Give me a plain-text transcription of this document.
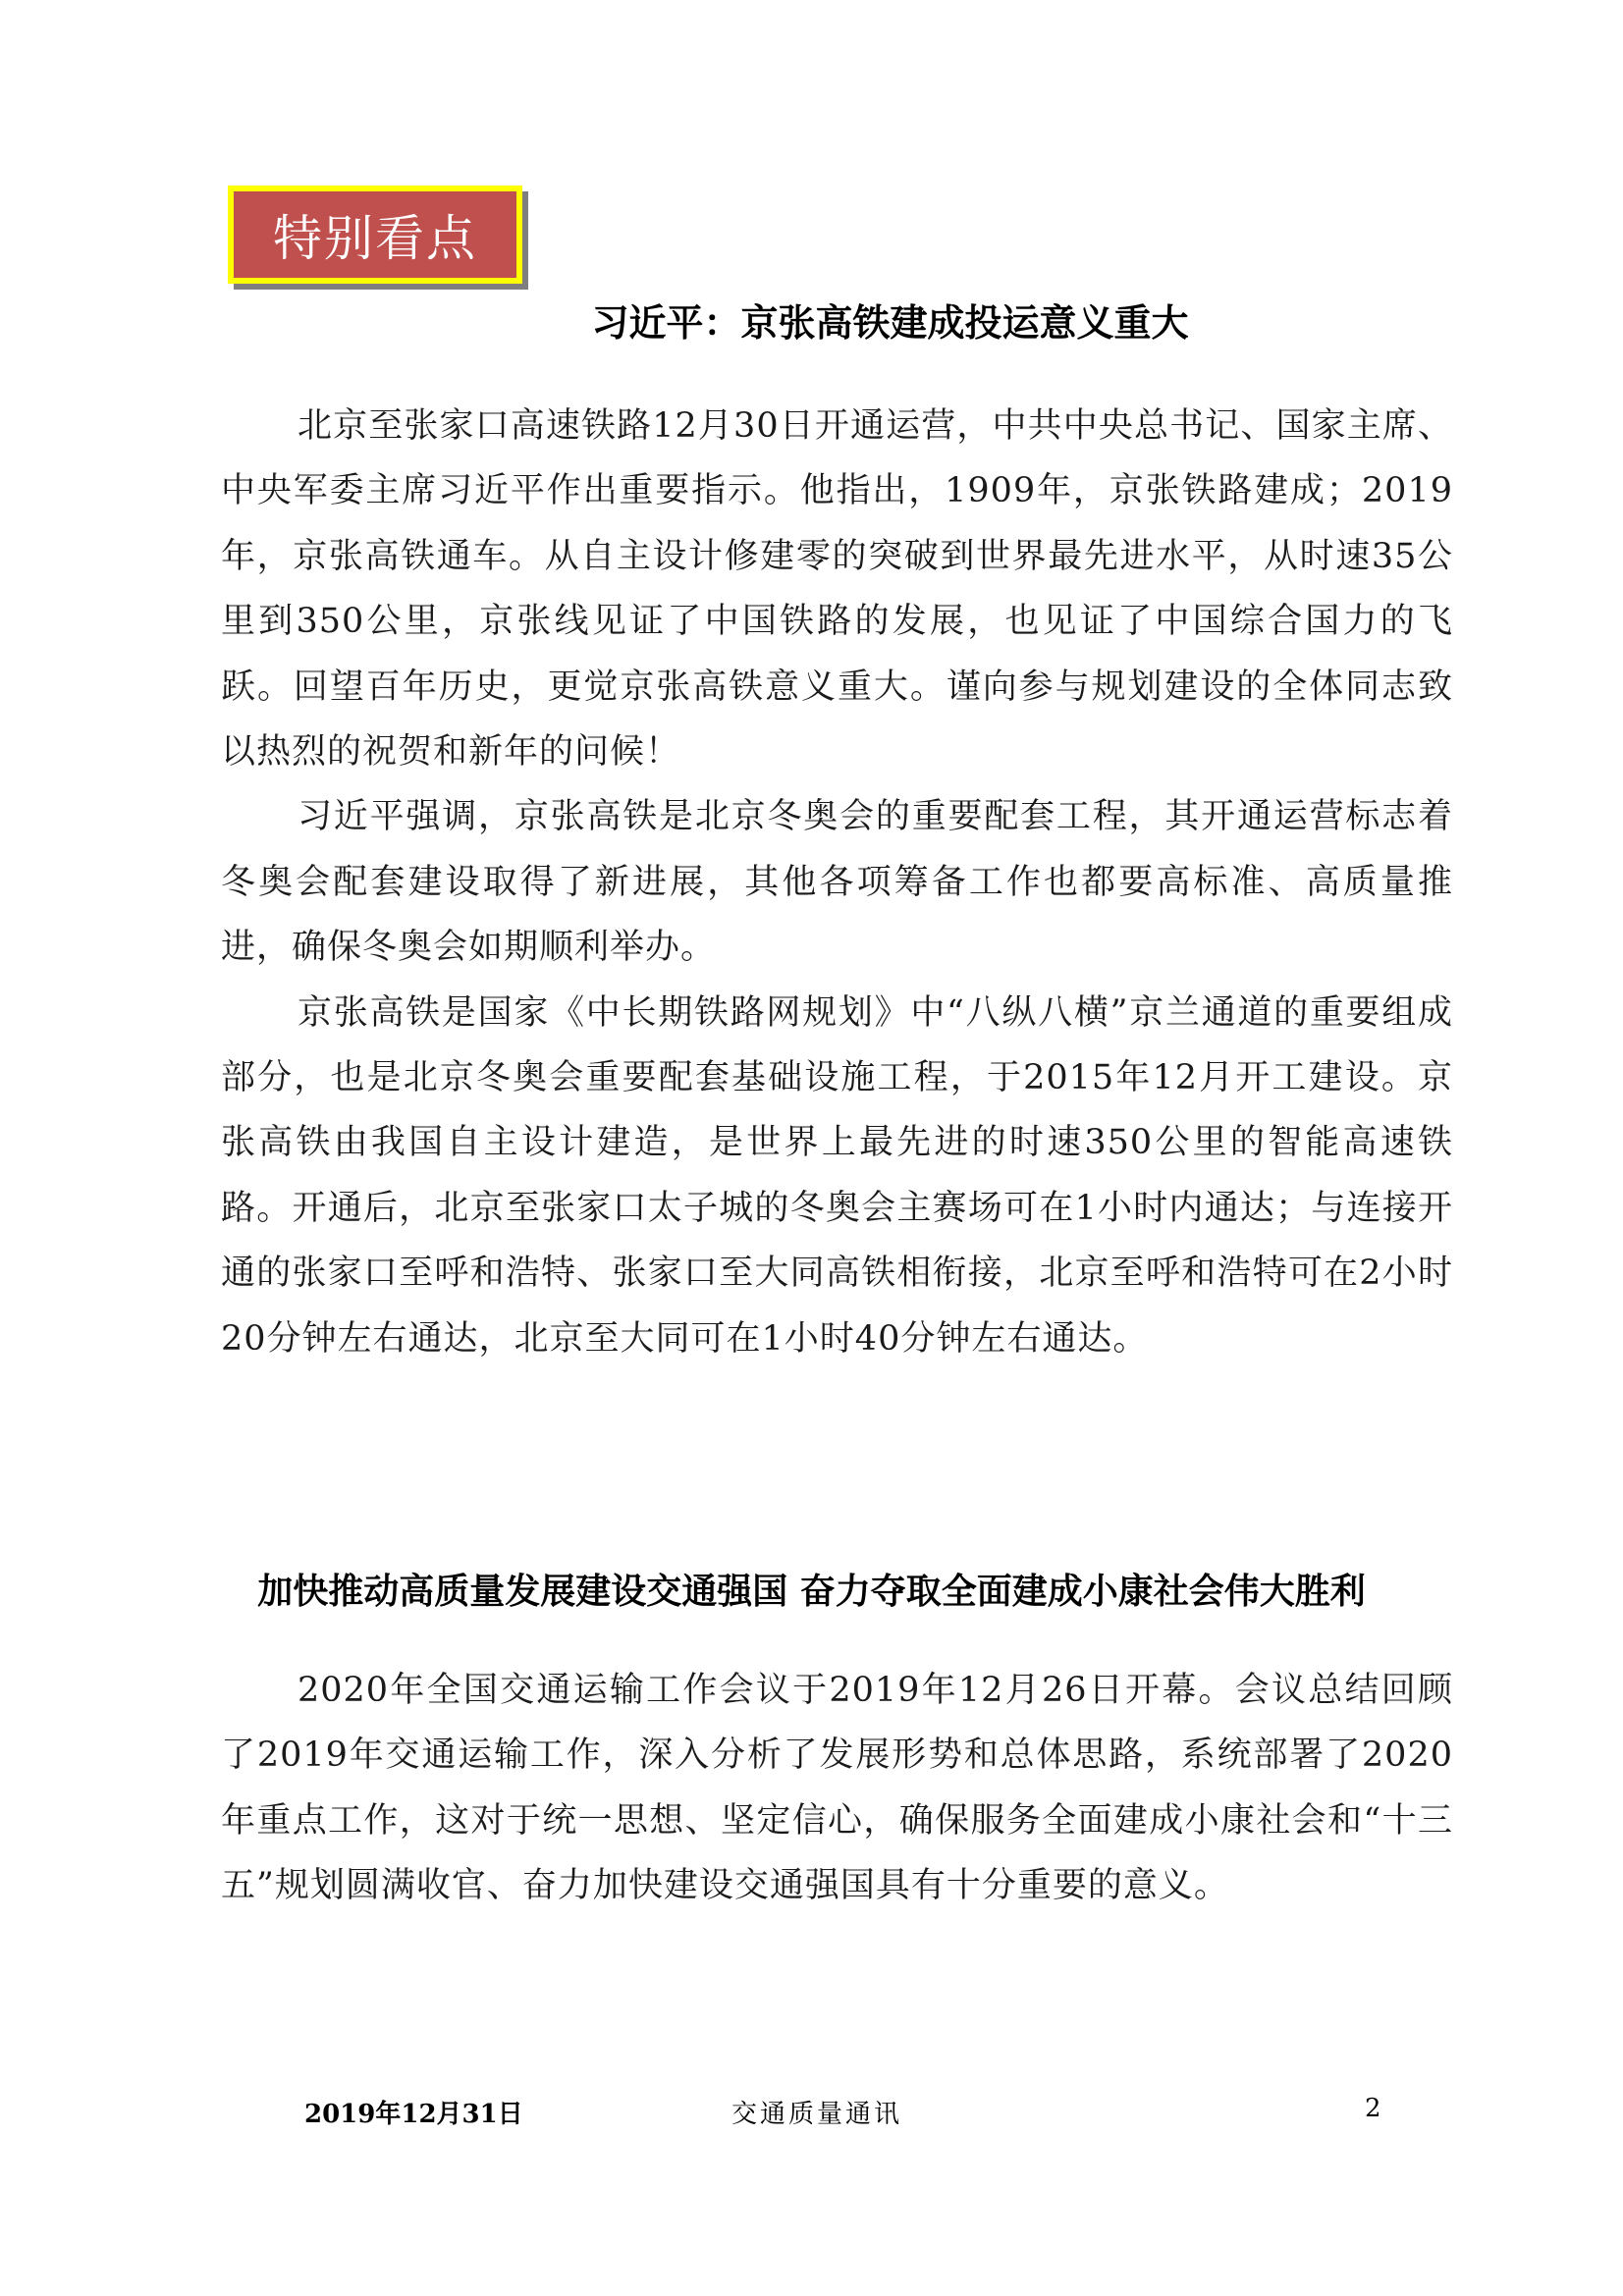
特别看点
习近平：京张高铁建成投运意义重大

北京至张家口高速铁路12月30日开通运营，中共中央总书记、国家主席、中央军委主席习近平作出重要指示。他指出，1909年，京张铁路建成；2019年，京张高铁通车。从自主设计修建零的突破到世界最先进水平，从时速35公里到350公里，京张线见证了中国铁路的发展，也见证了中国综合国力的飞跃。回望百年历史，更觉京张高铁意义重大。谨向参与规划建设的全体同志致以热烈的祝贺和新年的问候！

习近平强调，京张高铁是北京冬奥会的重要配套工程，其开通运营标志着冬奥会配套建设取得了新进展，其他各项筹备工作也都要高标准、高质量推进，确保冬奥会如期顺利举办。

京张高铁是国家《中长期铁路网规划》中“八纵八横”京兰通道的重要组成部分，也是北京冬奥会重要配套基础设施工程，于2015年12月开工建设。京张高铁由我国自主设计建造，是世界上最先进的时速350公里的智能高速铁路。开通后，北京至张家口太子城的冬奥会主赛场可在1小时内通达；与连接开通的张家口至呼和浩特、张家口至大同高铁相衔接，北京至呼和浩特可在2小时20分钟左右通达，北京至大同可在1小时40分钟左右通达。

加快推动高质量发展建设交通强国 奋力夺取全面建成小康社会伟大胜利

2020年全国交通运输工作会议于2019年12月26日开幕。会议总结回顾了2019年交通运输工作，深入分析了发展形势和总体思路，系统部署了2020年重点工作，这对于统一思想、坚定信心，确保服务全面建成小康社会和“十三五”规划圆满收官、奋力加快建设交通强国具有十分重要的意义。

2019年12月31日	交通质量通讯	2
